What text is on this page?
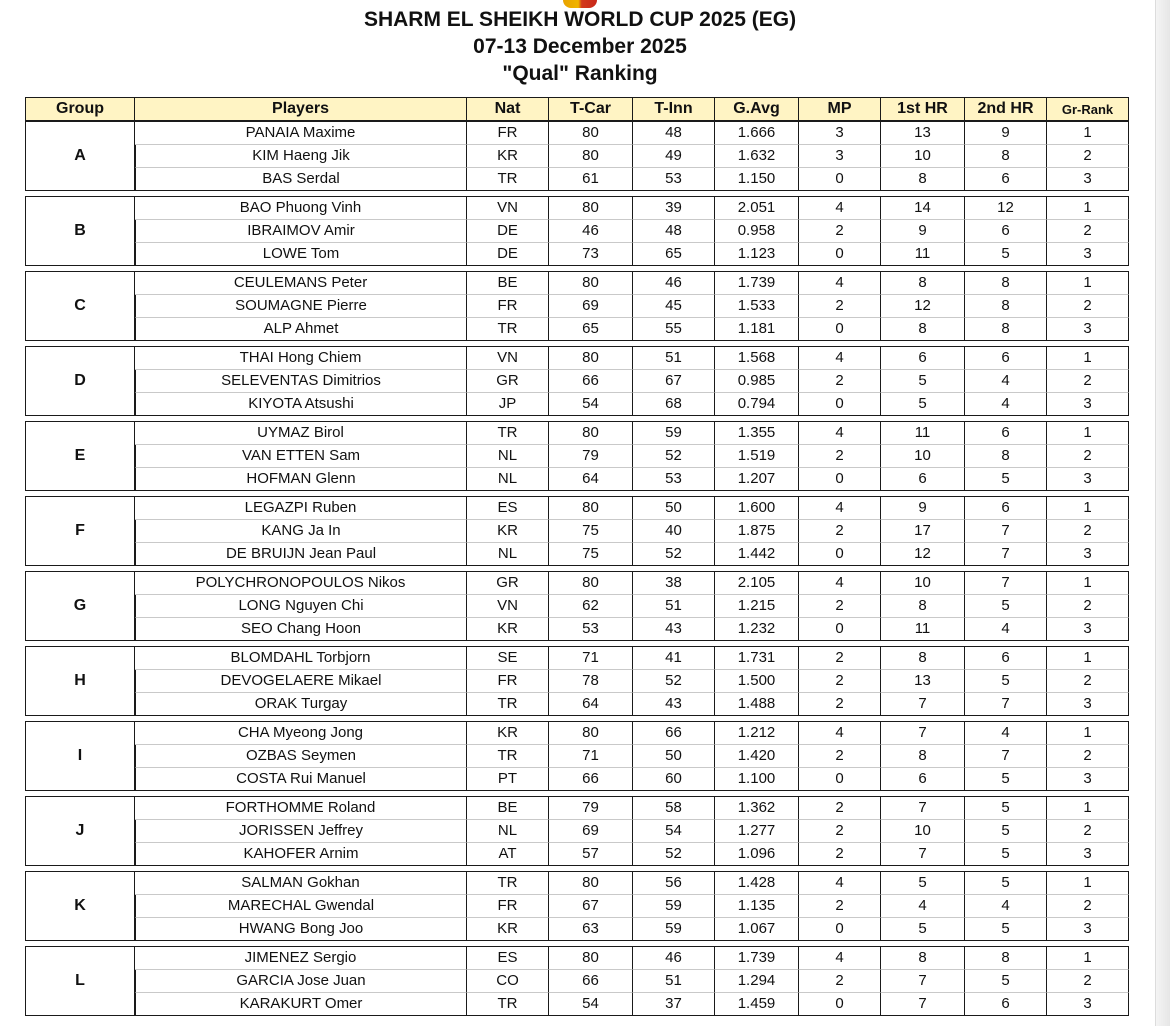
SHARM EL SHEIKH WORLD CUP 2025 (EG)
07-13 December 2025
"Qual" Ranking
Group	Players	Nat	T-Car	T-Inn	G.Avg	MP	1st HR	2nd HR	Gr-Rank
A	PANAIA Maxime	FR	80	48	1.666	3	13	9	1
	KIM Haeng Jik	KR	80	49	1.632	3	10	8	2
	BAS Serdal	TR	61	53	1.150	0	8	6	3

B	BAO Phuong Vinh	VN	80	39	2.051	4	14	12	1
	IBRAIMOV Amir	DE	46	48	0.958	2	9	6	2
	LOWE Tom	DE	73	65	1.123	0	11	5	3

C	CEULEMANS Peter	BE	80	46	1.739	4	8	8	1
	SOUMAGNE Pierre	FR	69	45	1.533	2	12	8	2
	ALP Ahmet	TR	65	55	1.181	0	8	8	3

D	THAI Hong Chiem	VN	80	51	1.568	4	6	6	1
	SELEVENTAS Dimitrios	GR	66	67	0.985	2	5	4	2
	KIYOTA Atsushi	JP	54	68	0.794	0	5	4	3

E	UYMAZ Birol	TR	80	59	1.355	4	11	6	1
	VAN ETTEN Sam	NL	79	52	1.519	2	10	8	2
	HOFMAN Glenn	NL	64	53	1.207	0	6	5	3

F	LEGAZPI Ruben	ES	80	50	1.600	4	9	6	1
	KANG Ja In	KR	75	40	1.875	2	17	7	2
	DE BRUIJN Jean Paul	NL	75	52	1.442	0	12	7	3

G	POLYCHRONOPOULOS Nikos	GR	80	38	2.105	4	10	7	1
	LONG Nguyen Chi	VN	62	51	1.215	2	8	5	2
	SEO Chang Hoon	KR	53	43	1.232	0	11	4	3

H	BLOMDAHL Torbjorn	SE	71	41	1.731	2	8	6	1
	DEVOGELAERE Mikael	FR	78	52	1.500	2	13	5	2
	ORAK Turgay	TR	64	43	1.488	2	7	7	3

I	CHA Myeong Jong	KR	80	66	1.212	4	7	4	1
	OZBAS Seymen	TR	71	50	1.420	2	8	7	2
	COSTA Rui Manuel	PT	66	60	1.100	0	6	5	3

J	FORTHOMME Roland	BE	79	58	1.362	2	7	5	1
	JORISSEN Jeffrey	NL	69	54	1.277	2	10	5	2
	KAHOFER Arnim	AT	57	52	1.096	2	7	5	3

K	SALMAN Gokhan	TR	80	56	1.428	4	5	5	1
	MARECHAL Gwendal	FR	67	59	1.135	2	4	4	2
	HWANG Bong Joo	KR	63	59	1.067	0	5	5	3

L	JIMENEZ Sergio	ES	80	46	1.739	4	8	8	1
	GARCIA Jose Juan	CO	66	51	1.294	2	7	5	2
	KARAKURT Omer	TR	54	37	1.459	0	7	6	3
